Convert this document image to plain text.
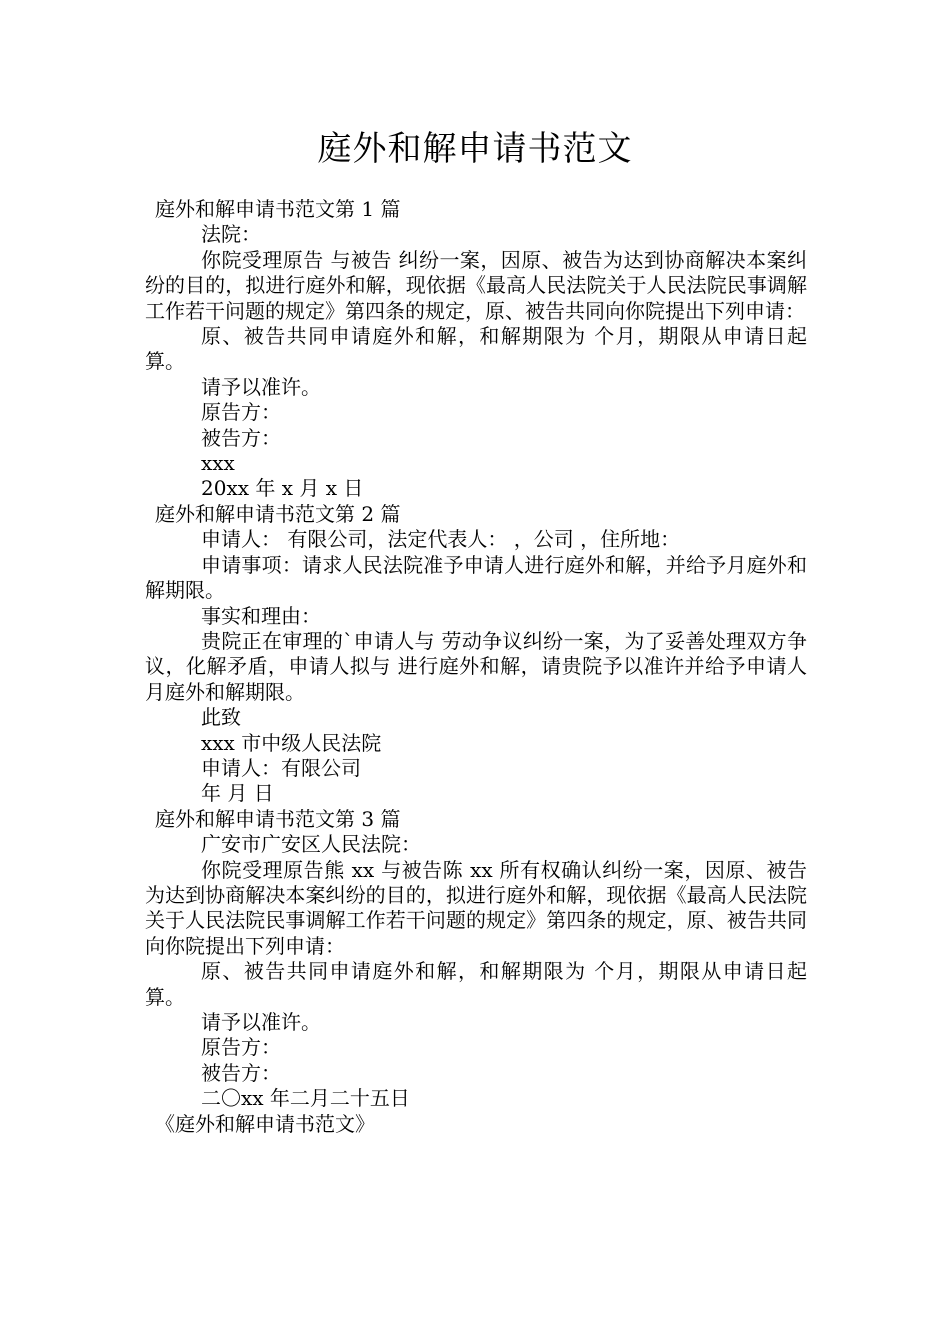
庭外和解申请书范文

庭外和解申请书范文第 1 篇

法院：

你院受理原告 与被告 纠纷一案，因原、被告为达到协商解决本案纠纷的目的，拟进行庭外和解，现依据《最高人民法院关于人民法院民事调解工作若干问题的规定》第四条的规定，原、被告共同向你院提出下列申请：

原、被告共同申请庭外和解，和解期限为 个月，期限从申请日起算。

请予以准许。

原告方：

被告方：

xxx

20xx 年 x 月 x 日

庭外和解申请书范文第 2 篇

申请人： 有限公司，法定代表人： ，公司 ，住所地：

申请事项：请求人民法院准予申请人进行庭外和解，并给予月庭外和解期限。

事实和理由：

贵院正在审理的`申请人与 劳动争议纠纷一案，为了妥善处理双方争议，化解矛盾，申请人拟与 进行庭外和解，请贵院予以准许并给予申请人月庭外和解期限。

此致

xxx 市中级人民法院

申请人：有限公司

年 月 日

庭外和解申请书范文第 3 篇

广安市广安区人民法院：

你院受理原告熊 xx 与被告陈 xx 所有权确认纠纷一案，因原、被告为达到协商解决本案纠纷的目的，拟进行庭外和解，现依据《最高人民法院关于人民法院民事调解工作若干问题的规定》第四条的规定，原、被告共同向你院提出下列申请：

原、被告共同申请庭外和解，和解期限为 个月，期限从申请日起算。

请予以准许。

原告方：

被告方：

二〇xx 年二月二十五日

《庭外和解申请书范文》
